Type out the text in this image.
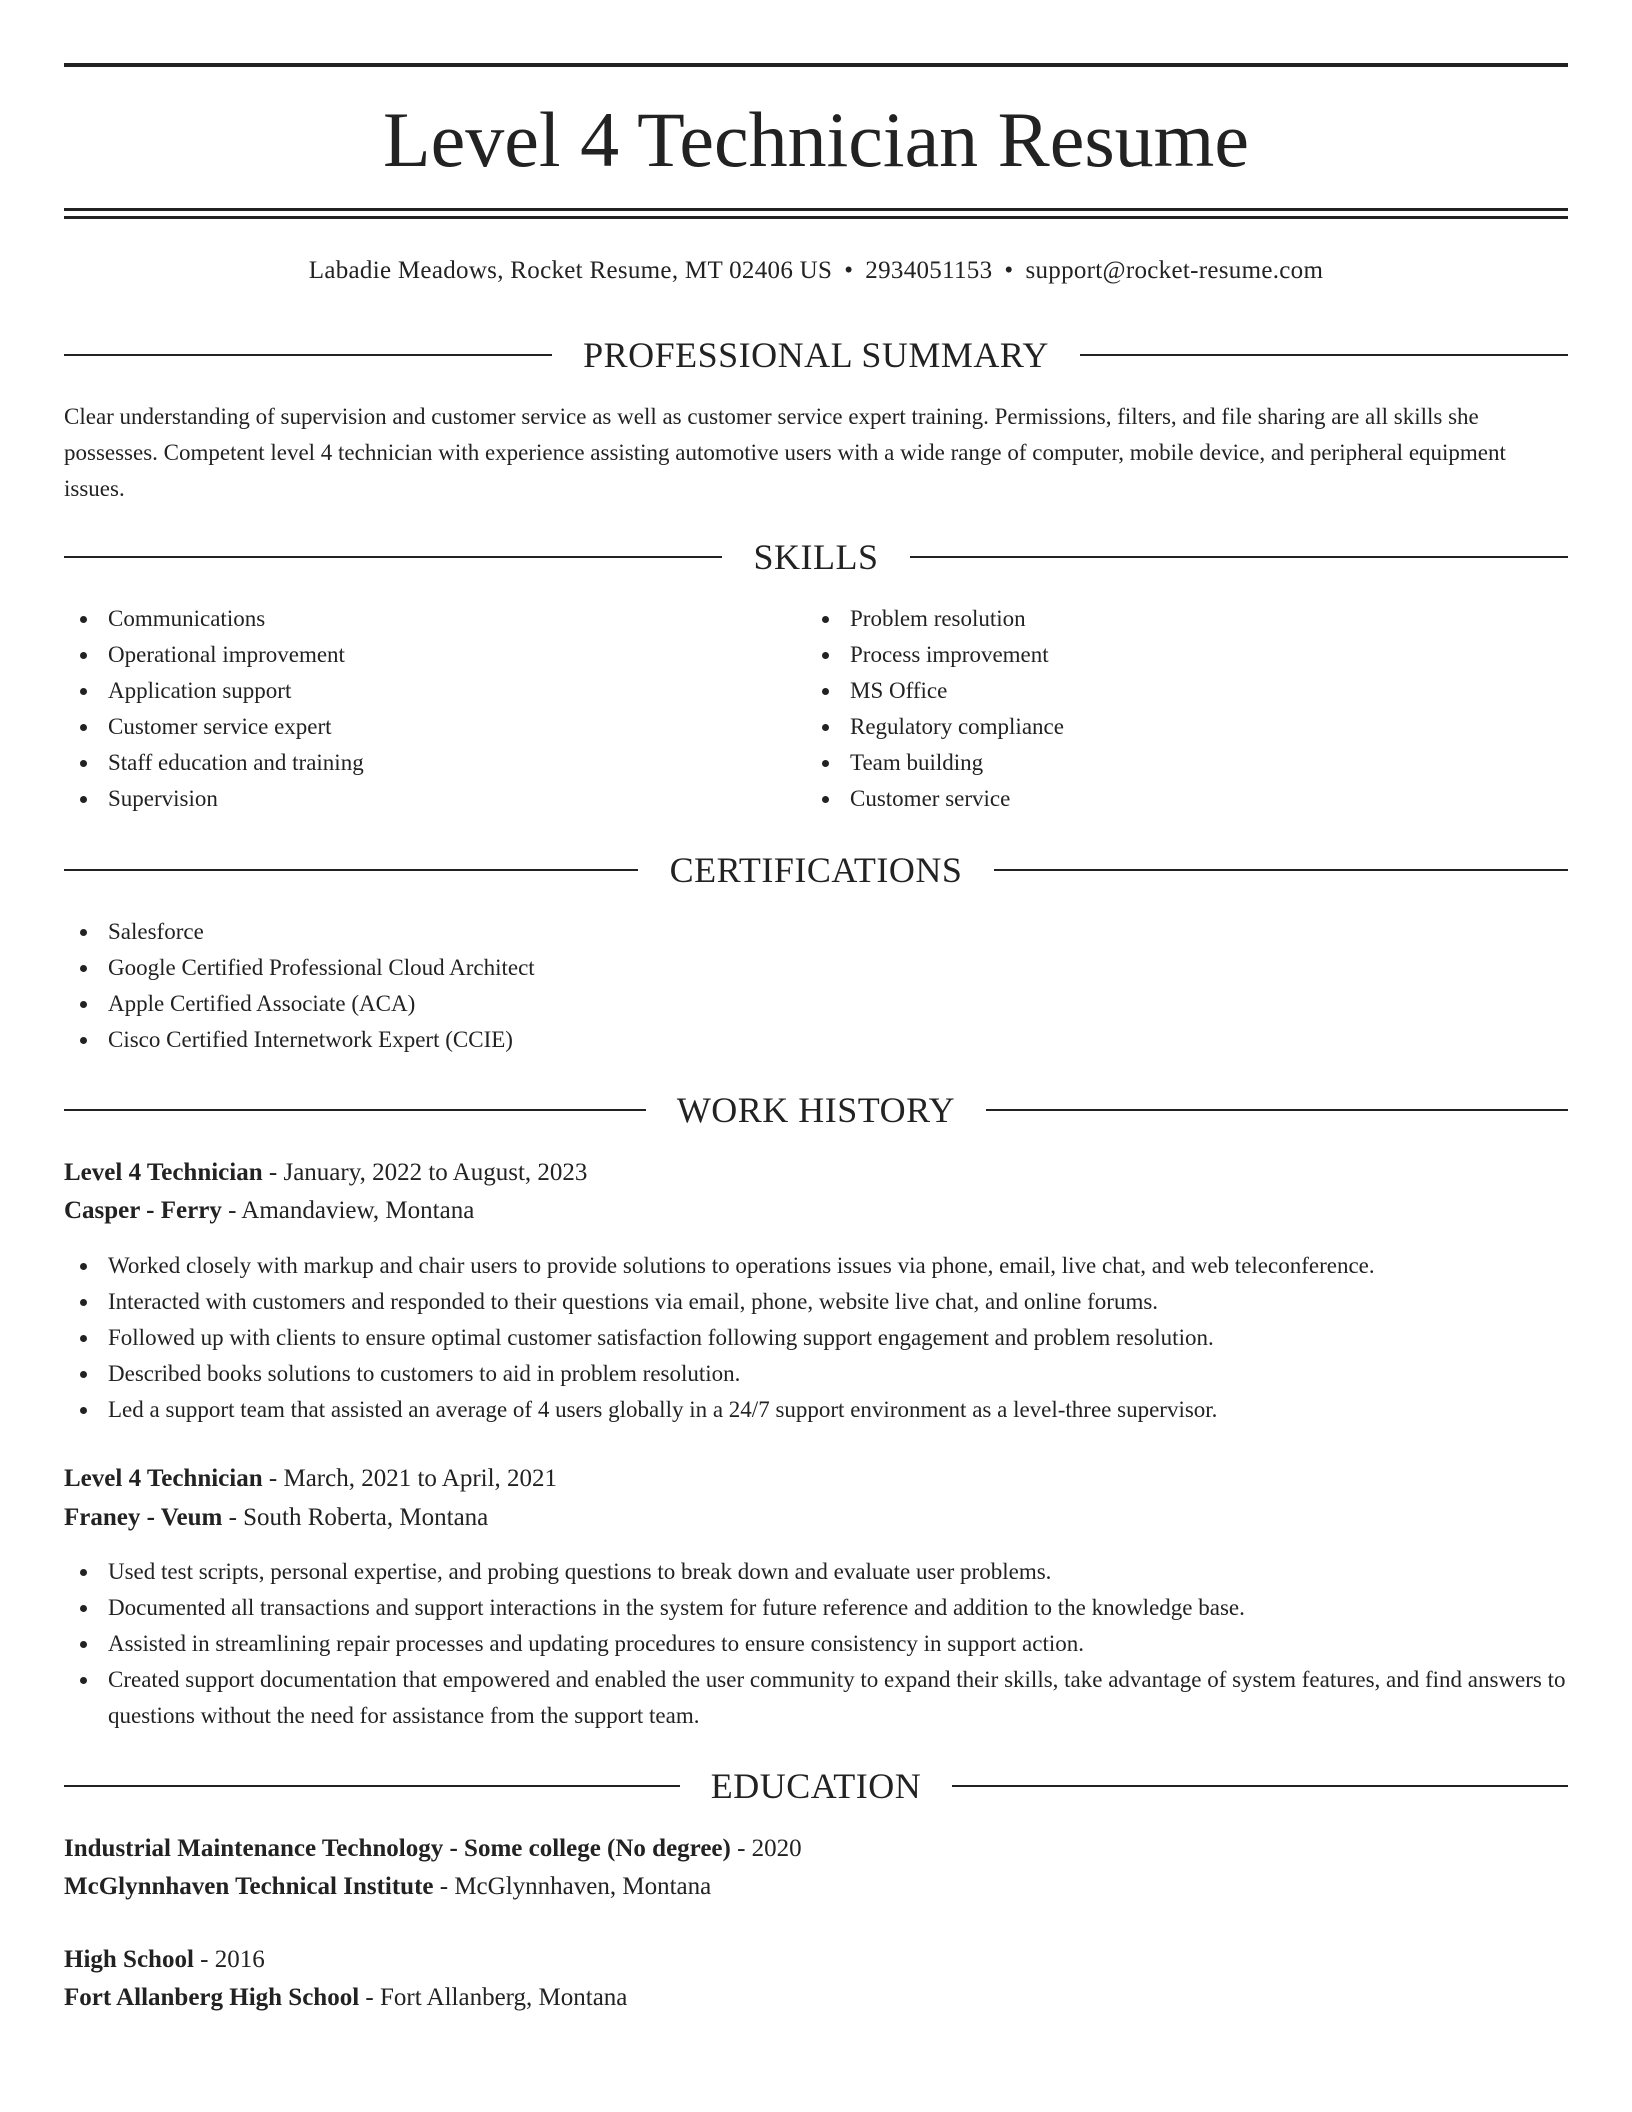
Level 4 Technician Resume
Labadie Meadows, Rocket Resume, MT 02406 US • 2934051153 • support@rocket-resume.com
PROFESSIONAL SUMMARY

Clear understanding of supervision and customer service as well as customer service expert training. Permissions, filters, and file sharing are all skills she possesses. Competent level 4 technician with experience assisting automotive users with a wide range of computer, mobile device, and peripheral equipment issues.

SKILLS
Communications
Operational improvement
Application support
Customer service expert
Staff education and training
Supervision
Problem resolution
Process improvement
MS Office
Regulatory compliance
Team building
Customer service
CERTIFICATIONS
Salesforce
Google Certified Professional Cloud Architect
Apple Certified Associate (ACA)
Cisco Certified Internetwork Expert (CCIE)
WORK HISTORY
Level 4 Technician - January, 2022 to August, 2023
Casper - Ferry - Amandaview, Montana
Worked closely with markup and chair users to provide solutions to operations issues via phone, email, live chat, and web teleconference.
Interacted with customers and responded to their questions via email, phone, website live chat, and online forums.
Followed up with clients to ensure optimal customer satisfaction following support engagement and problem resolution.
Described books solutions to customers to aid in problem resolution.
Led a support team that assisted an average of 4 users globally in a 24/7 support environment as a level-three supervisor.
Level 4 Technician - March, 2021 to April, 2021
Franey - Veum - South Roberta, Montana
Used test scripts, personal expertise, and probing questions to break down and evaluate user problems.
Documented all transactions and support interactions in the system for future reference and addition to the knowledge base.
Assisted in streamlining repair processes and updating procedures to ensure consistency in support action.
Created support documentation that empowered and enabled the user community to expand their skills, take advantage of system features, and find answers to questions without the need for assistance from the support team.
EDUCATION
Industrial Maintenance Technology - Some college (No degree) - 2020
McGlynnhaven Technical Institute - McGlynnhaven, Montana
High School - 2016
Fort Allanberg High School - Fort Allanberg, Montana
